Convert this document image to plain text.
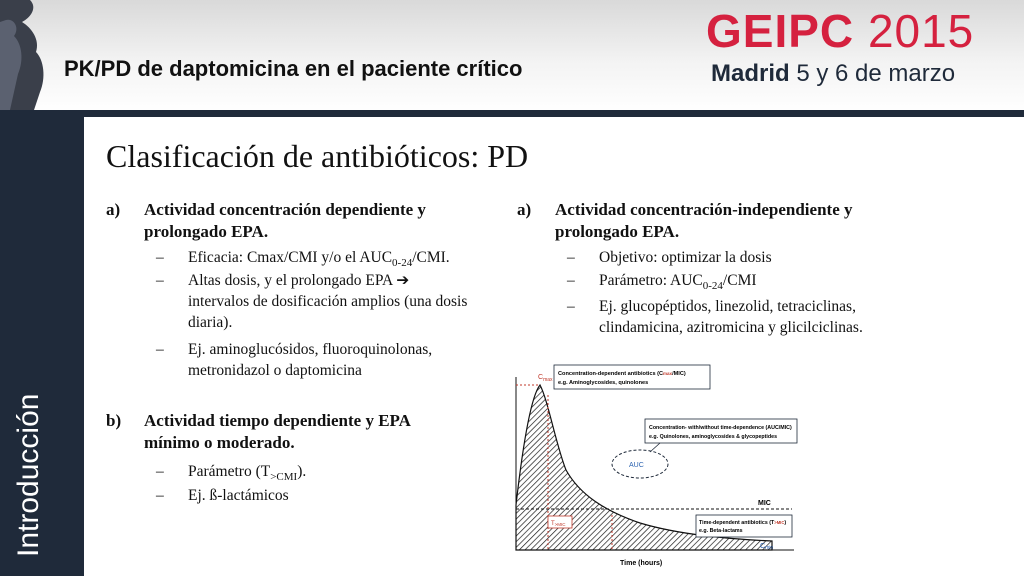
PK/PD de daptomicina en el paciente crítico
GEIPC 2015
Madrid 5 y 6 de marzo
Introducción
Clasificación de antibióticos: PD
a) Actividad concentración dependiente y
prolongado EPA.
– Eficacia: Cmax/CMI y/o el $AUC_{0-24}$/CMI.
– Altas dosis, y el prolongado EPA ➔
intervalos de dosificación amplios (una dosis
diaria).
– Ej. aminoglucósidos, fluoroquinolonas,
metronidazol o daptomicina
b) Actividad tiempo dependiente y EPA
mínimo o moderado.
– Parámetro $(T_{>CMI})$.
– Ej. ß-lactámicos
a) Actividad concentración-independiente y
prolongado EPA.
– Objetivo: optimizar la dosis
– Parámetro: $AUC_{0-24}$/CMI
– Ej. glucopéptidos, linezolid, tetraciclinas,
clindamicina, azitromicina y glicilciclinas.
MIC
$C_{max}$
T>MIC
AUC
Cmin
Concentration-dependent antibiotics (Cmax/MIC)
e.g. Aminoglycosides, quinolones
Concentration- with/without time-dependence (AUC/MIC)
e.g. Quinolones, aminoglycosides & glycopeptides
Time-dependent antibiotics (T>MIC)
e.g. Beta-lactams
Time (hours)
